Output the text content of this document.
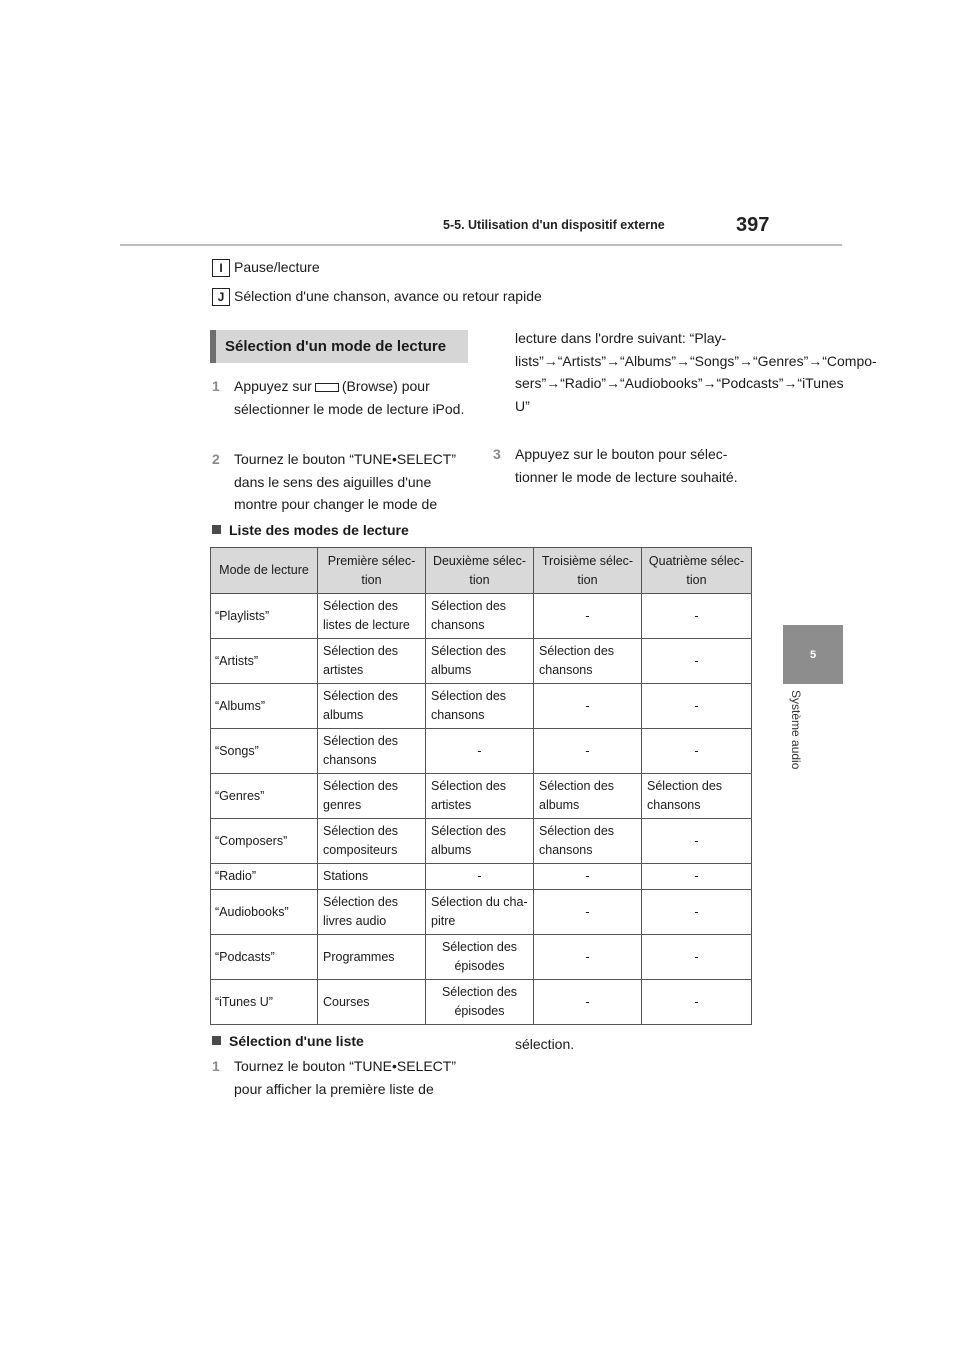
5-5. Utilisation d'un dispositif externe	397
5
Système audio
I Pause/lecture
J Sélection d'une chanson, avance ou retour rapide
Sélection d'un mode de lecture
1 Appuyez sur (Browse) pour sélectionner le mode de lecture iPod.
2 Tournez le bouton “TUNE•SELECT” dans le sens des aiguilles d'une montre pour changer le mode de
lecture dans l'ordre suivant: “Play-lists”→“Artists”→“Albums”→“Songs”→“Genres”→“Compo-sers”→“Radio”→“Audiobooks”→“Podcasts”→“iTunes U”
3 Appuyez sur le bouton pour sélec-tionner le mode de lecture souhaité.
Liste des modes de lecture
Mode de lecture	Première sélec-tion	Deuxième sélec-tion	Troisième sélec-tion	Quatrième sélec-tion
“Playlists”	Sélection des listes de lecture	Sélection des chansons	-	-
“Artists”	Sélection des artistes	Sélection des albums	Sélection des chansons	-
“Albums”	Sélection des albums	Sélection des chansons	-	-
“Songs”	Sélection des chansons	-	-	-
“Genres”	Sélection des genres	Sélection des artistes	Sélection des albums	Sélection des chansons
“Composers”	Sélection des compositeurs	Sélection des albums	Sélection des chansons	-
“Radio”	Stations	-	-	-
“Audiobooks”	Sélection des livres audio	Sélection du cha-pitre	-	-
“Podcasts”	Programmes	Sélection des épisodes	-	-
“iTunes U”	Courses	Sélection des épisodes	-	-
Sélection d'une liste
1 Tournez le bouton “TUNE•SELECT” pour afficher la première liste de
sélection.
